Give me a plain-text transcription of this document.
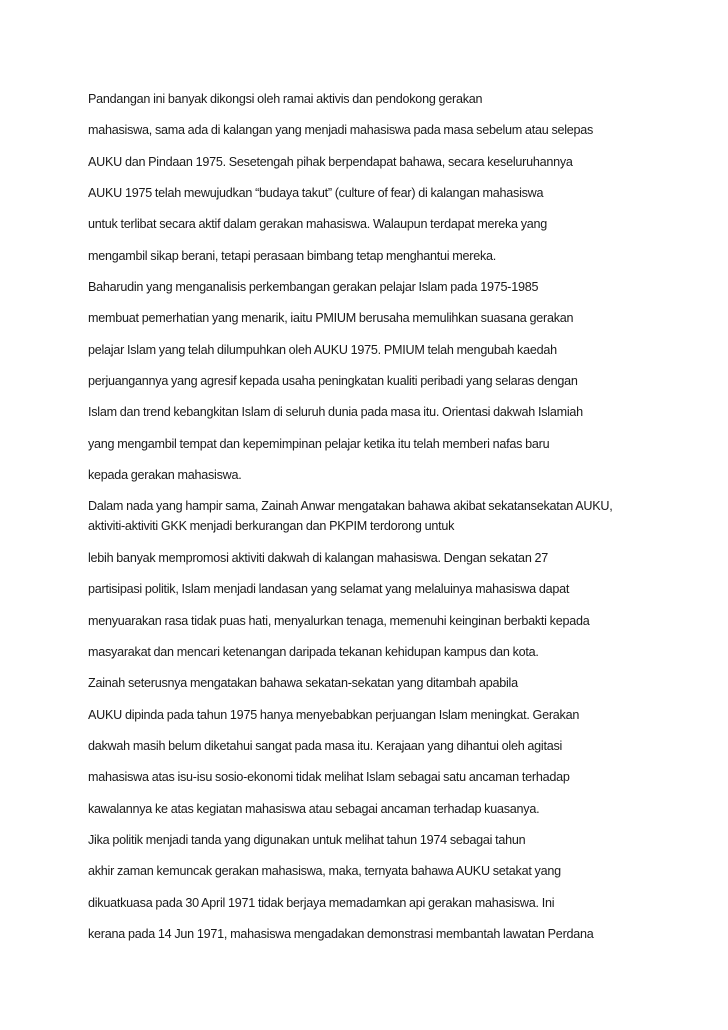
Pandangan ini banyak dikongsi oleh ramai aktivis dan pendokong gerakan
mahasiswa, sama ada di kalangan yang menjadi mahasiswa pada masa sebelum atau selepas
AUKU dan Pindaan 1975. Sesetengah pihak berpendapat bahawa, secara keseluruhannya
AUKU 1975 telah mewujudkan “budaya takut” (culture of fear) di kalangan mahasiswa
untuk terlibat secara aktif dalam gerakan mahasiswa. Walaupun terdapat mereka yang
mengambil sikap berani, tetapi perasaan bimbang tetap menghantui mereka.
Baharudin yang menganalisis perkembangan gerakan pelajar Islam pada 1975-1985
membuat pemerhatian yang menarik, iaitu PMIUM berusaha memulihkan suasana gerakan
pelajar Islam yang telah dilumpuhkan oleh AUKU 1975. PMIUM telah mengubah kaedah
perjuangannya yang agresif kepada usaha peningkatan kualiti peribadi yang selaras dengan
Islam dan trend kebangkitan Islam di seluruh dunia pada masa itu. Orientasi dakwah Islamiah
yang mengambil tempat dan kepemimpinan pelajar ketika itu telah memberi nafas baru
kepada gerakan mahasiswa.
Dalam nada yang hampir sama, Zainah Anwar mengatakan bahawa akibat sekatansekatan AUKU,
aktiviti-aktiviti GKK menjadi berkurangan dan PKPIM terdorong untuk
lebih banyak mempromosi aktiviti dakwah di kalangan mahasiswa. Dengan sekatan 27
partisipasi politik, Islam menjadi landasan yang selamat yang melaluinya mahasiswa dapat
menyuarakan rasa tidak puas hati, menyalurkan tenaga, memenuhi keinginan berbakti kepada
masyarakat dan mencari ketenangan daripada tekanan kehidupan kampus dan kota.
Zainah seterusnya mengatakan bahawa sekatan-sekatan yang ditambah apabila
AUKU dipinda pada tahun 1975 hanya menyebabkan perjuangan Islam meningkat. Gerakan
dakwah masih belum diketahui sangat pada masa itu. Kerajaan yang dihantui oleh agitasi
mahasiswa atas isu-isu sosio-ekonomi tidak melihat Islam sebagai satu ancaman terhadap
kawalannya ke atas kegiatan mahasiswa atau sebagai ancaman terhadap kuasanya.
Jika politik menjadi tanda yang digunakan untuk melihat tahun 1974 sebagai tahun
akhir zaman kemuncak gerakan mahasiswa, maka, ternyata bahawa AUKU setakat yang
dikuatkuasa pada 30 April 1971 tidak berjaya memadamkan api gerakan mahasiswa. Ini
kerana pada 14 Jun 1971, mahasiswa mengadakan demonstrasi membantah lawatan Perdana
